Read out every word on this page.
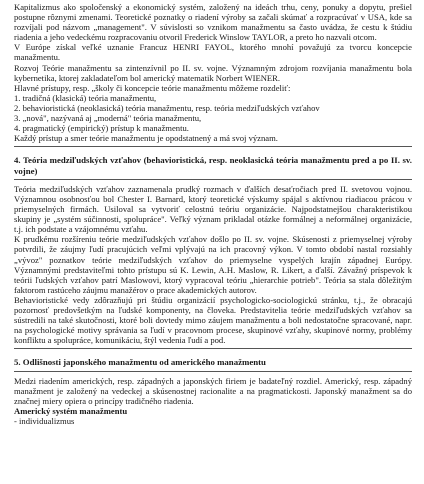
Kapitalizmus ako spoločenský a ekonomický systém, založený na ideách trhu, ceny, ponuky a dopytu, prešiel postupne rôznymi zmenami. Teoretické poznatky o riadení výroby sa začali skúmať a rozpracúvať v USA, kde sa rozvíjali pod názvom „management". V súvislosti so vznikom manažmentu sa často uvádza, že cestu k štúdiu riadenia a jeho vedeckému rozpracovaniu otvoril Frederick Winslow TAYLOR, a preto ho nazvali otcom.

V Európe získal veľké uznanie Francuz HENRI FAYOL, ktorého mnohí považujú za tvorcu koncepcie manažmentu.

Rozvoj Teórie manažmentu sa zintenzívnil po II. sv. vojne. Významným zdrojom rozvíjania manažmentu bola kybernetika, ktorej zakladateľom bol americký matematik Norbert WIENER.

Hlavné prístupy, resp. „školy či koncepcie teórie manažmentu môžeme rozdeliť:

1. tradičná (klasická) teória manažmentu,
2. behavioristická (neoklasická) teória manažmentu, resp. teória medziľudských vzťahov
3. „nová", nazývaná aj „moderná" teória manažmentu,
4. pragmatický (empirický) prístup k manažmentu.

Každý prístup a smer teórie manažmentu je opodstatnený a má svoj význam.

4. Teória medziľudských vzťahov (behavioristická, resp. neoklasická teória manažmentu pred a po II. sv. vojne)

Teória medziľudských vzťahov zaznamenala prudký rozmach v ďalších desaťročiach pred II. svetovou vojnou. Významnou osobnosťou bol Chester I. Barnard, ktorý teoretické výskumy spájal s aktívnou riadiacou prácou v priemyselných firmách. Usiloval sa vytvoriť celostnú teóriu organizácie. Najpodstatnejšou charakteristikou skupiny je „systém súčinnosti, spolupráce". Veľký význam prikladal otázke formálnej a neformálnej organizácie, t.j. ich podstate a vzájomnému vzťahu.

K prudkému rozšíreniu teórie medziľudských vzťahov došlo po II. sv. vojne. Skúsenosti z priemyselnej výroby potvrdili, že záujmy ľudí pracujúcich veľmi vplývajú na ich pracovný výkon. V tomto období nastal rozsiahly „vývoz" poznatkov teórie medziľudských vzťahov do priemyselne vyspelých krajín západnej Európy. Významnými predstaviteľmi tohto prístupu sú K. Lewin, A.H. Maslow, R. Likert, a ďalší. Závažný príspevok k teórii ľudských vzťahov patrí Maslowovi, ktorý vypracoval teóriu „hierarchie potrieb". Teória sa stala dôležitým faktorom rastúceho záujmu manažérov o prace akademických autorov.

Behavioristické vedy zdôrazňujú pri štúdiu organizácií psychologicko-sociologickú stránku, t.j., že obracajú pozornosť predovšetkým na ľudské komponenty, na človeka. Predstavitelia teórie medziľudských vzťahov sa sústredili na také skutočnosti, ktoré boli dovtedy mimo záujem manažmentu a boli nedostatočne spracované, napr. na psychologické motivy správania sa ľudí v pracovnom procese, skupinové vzťahy, skupinové normy, problémy konfliktu a spolupráce, komunikáciu, štýl vedenia ľudí a pod.

5. Odlišnosti japonského manažmentu od amerického manažmentu

Medzi riadením amerických, resp. západných a japonských firiem je badateľný rozdiel. Americký, resp. západný manažment je založený na vedeckej a skúsenostnej racionalite a na pragmatickosti. Japonský manažment sa do značnej miery opiera o princípy tradičného riadenia.

Americký systém manažmentu

- individualizmus
